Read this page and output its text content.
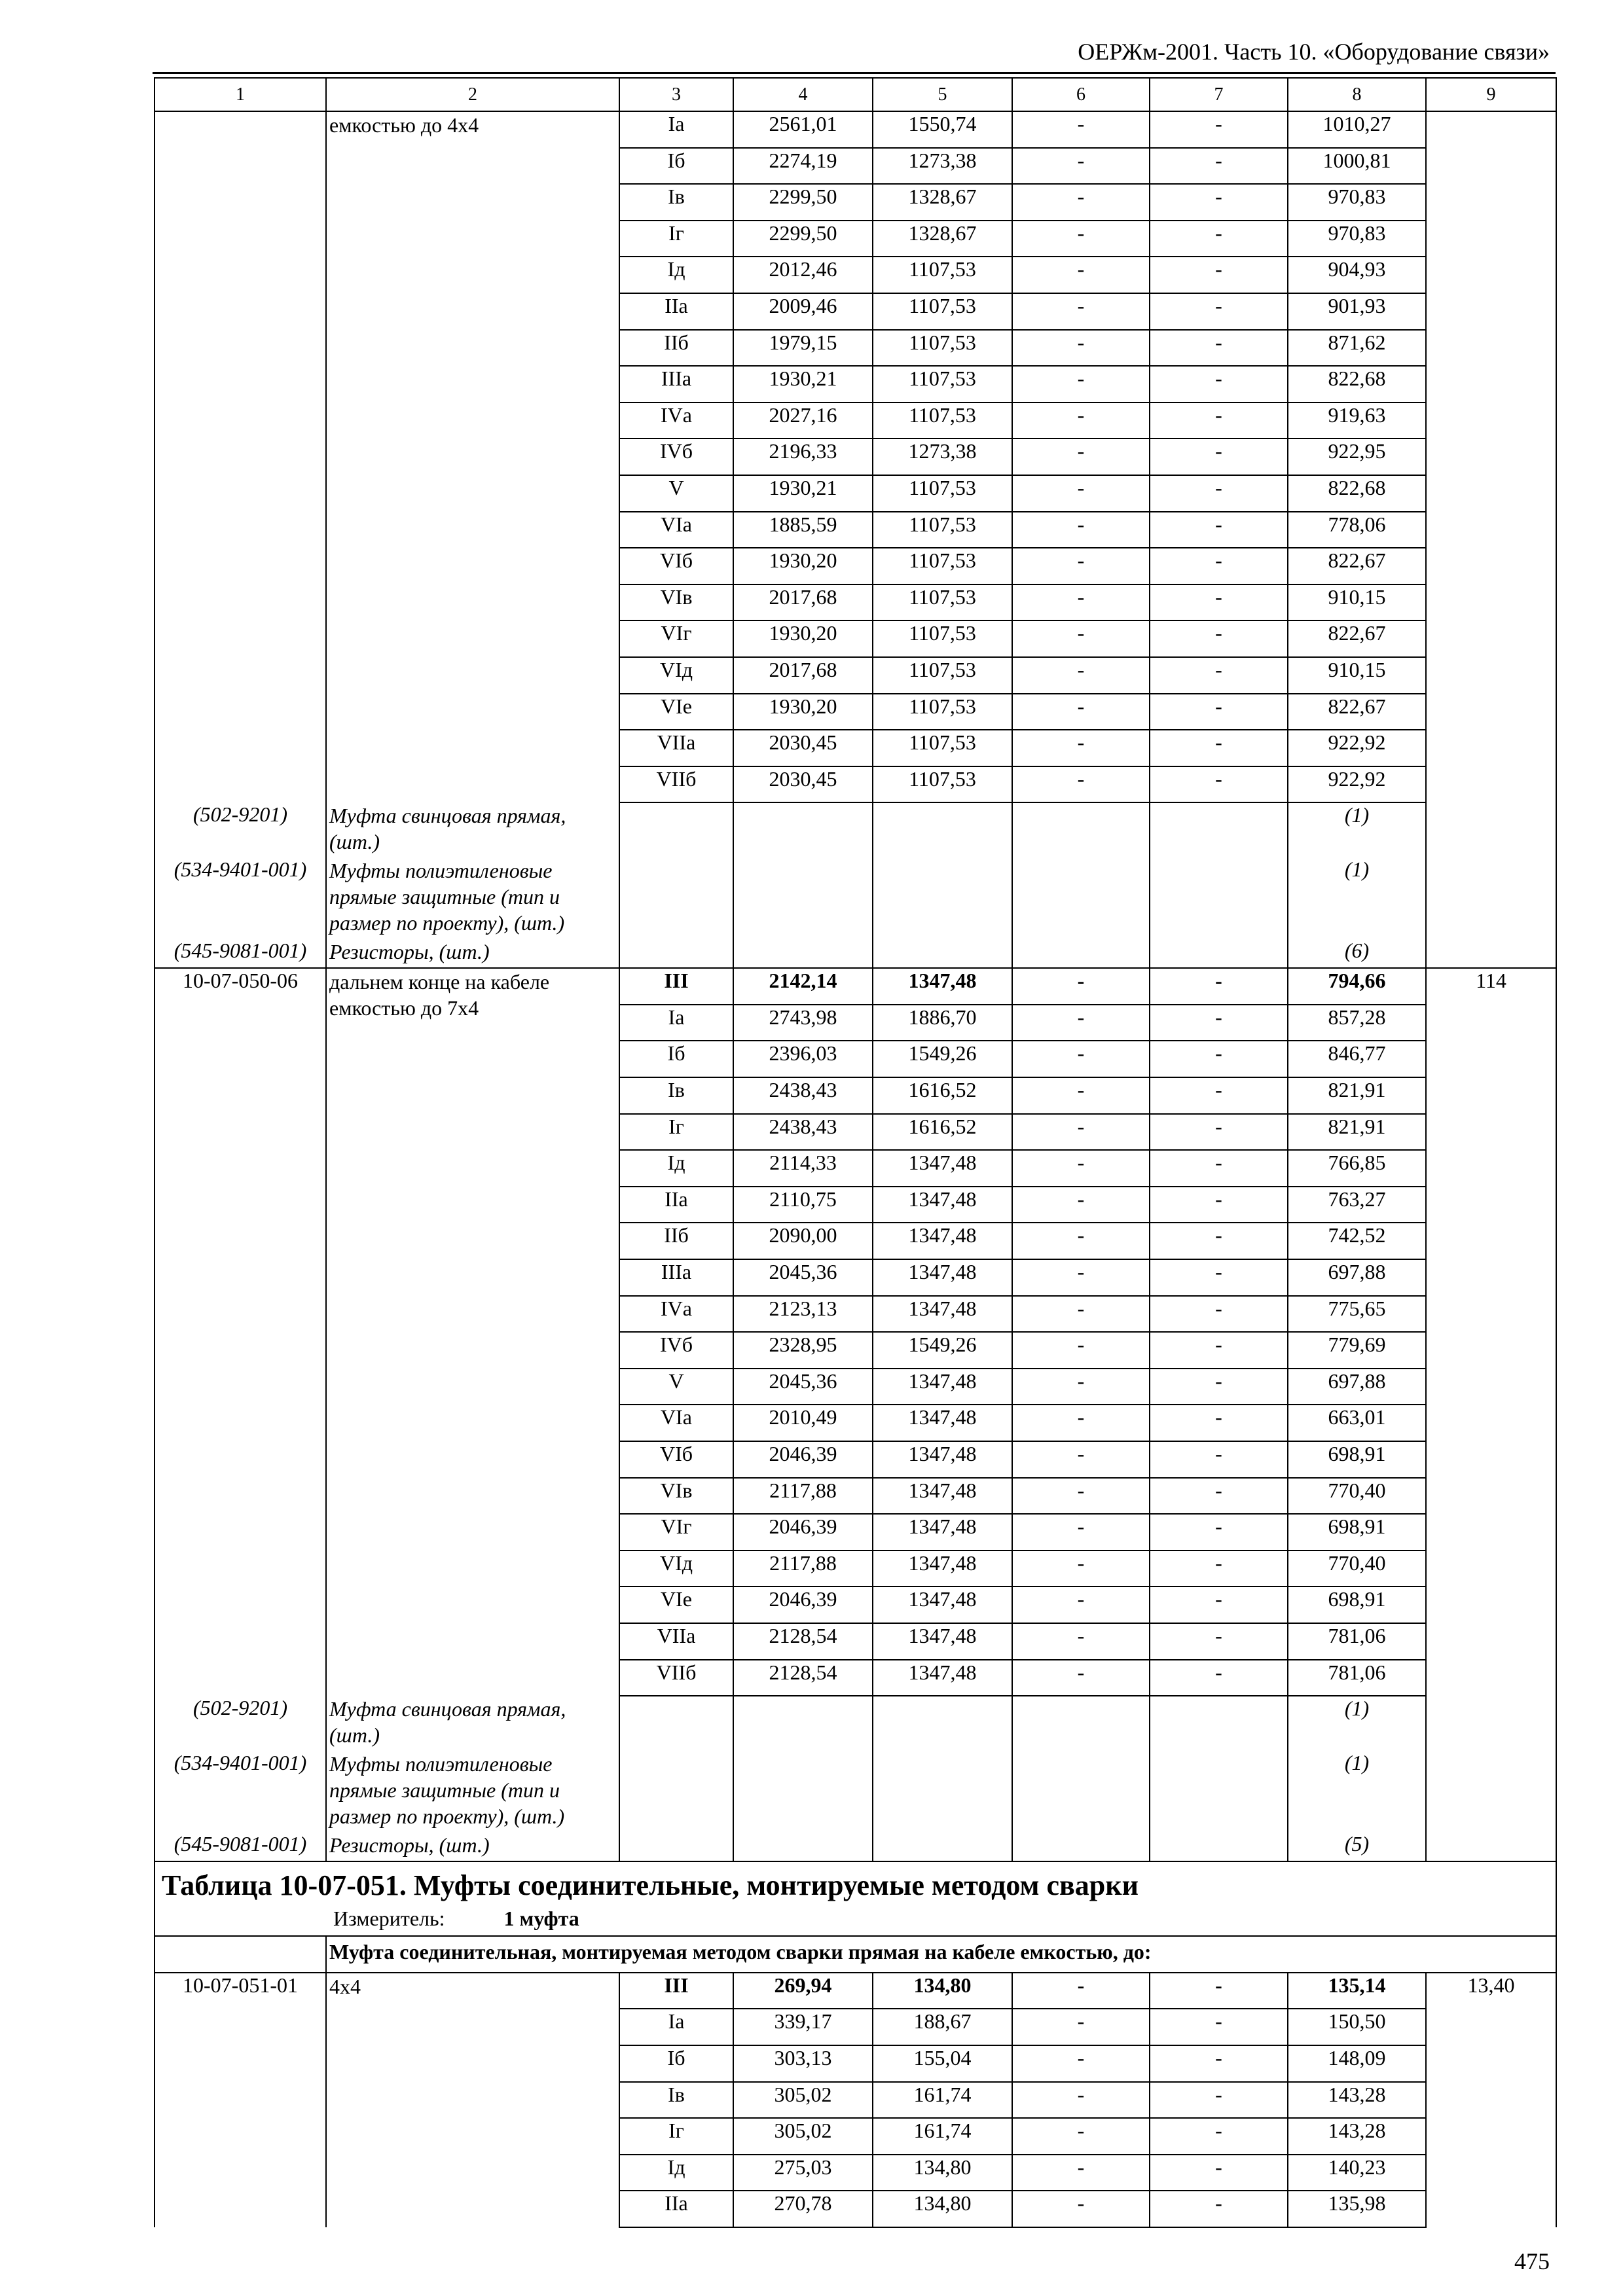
ОЕРЖм-2001. Часть 10. «Оборудование связи»
1	2	3	4	5	6	7	8	9
	емкостью до 4х4	Iа	2561,01	1550,74	-	-	1010,27	
		Iб	2274,19	1273,38	-	-	1000,81	
		Iв	2299,50	1328,67	-	-	970,83	
		Iг	2299,50	1328,67	-	-	970,83	
		Iд	2012,46	1107,53	-	-	904,93	
		IIа	2009,46	1107,53	-	-	901,93	
		IIб	1979,15	1107,53	-	-	871,62	
		IIIа	1930,21	1107,53	-	-	822,68	
		IVа	2027,16	1107,53	-	-	919,63	
		IVб	2196,33	1273,38	-	-	922,95	
		V	1930,21	1107,53	-	-	822,68	
		VIа	1885,59	1107,53	-	-	778,06	
		VIб	1930,20	1107,53	-	-	822,67	
		VIв	2017,68	1107,53	-	-	910,15	
		VIг	1930,20	1107,53	-	-	822,67	
		VIд	2017,68	1107,53	-	-	910,15	
		VIе	1930,20	1107,53	-	-	822,67	
		VIIа	2030,45	1107,53	-	-	922,92	
		VIIб	2030,45	1107,53	-	-	922,92	
(502-9201)	Муфта свинцовая прямая, (шт.)						(1)	
(534-9401-001)	Муфты полиэтиленовые прямые защитные (тип и размер по проекту), (шт.)						(1)	
(545-9081-001)	Резисторы, (шт.)						(6)	
10-07-050-06	дальнем конце на кабеле емкостью до 7х4	III	2142,14	1347,48	-	-	794,66	114
		Iа	2743,98	1886,70	-	-	857,28	
		Iб	2396,03	1549,26	-	-	846,77	
		Iв	2438,43	1616,52	-	-	821,91	
		Iг	2438,43	1616,52	-	-	821,91	
		Iд	2114,33	1347,48	-	-	766,85	
		IIа	2110,75	1347,48	-	-	763,27	
		IIб	2090,00	1347,48	-	-	742,52	
		IIIа	2045,36	1347,48	-	-	697,88	
		IVа	2123,13	1347,48	-	-	775,65	
		IVб	2328,95	1549,26	-	-	779,69	
		V	2045,36	1347,48	-	-	697,88	
		VIа	2010,49	1347,48	-	-	663,01	
		VIб	2046,39	1347,48	-	-	698,91	
		VIв	2117,88	1347,48	-	-	770,40	
		VIг	2046,39	1347,48	-	-	698,91	
		VIд	2117,88	1347,48	-	-	770,40	
		VIе	2046,39	1347,48	-	-	698,91	
		VIIа	2128,54	1347,48	-	-	781,06	
		VIIб	2128,54	1347,48	-	-	781,06	
(502-9201)	Муфта свинцовая прямая, (шт.)						(1)	
(534-9401-001)	Муфты полиэтиленовые прямые защитные (тип и размер по проекту), (шт.)						(1)	
(545-9081-001)	Резисторы, (шт.)						(5)	

Таблица 10-07-051. Муфты соединительные, монтируемые методом сварки
Измеритель: 1 муфта								

	Муфта соединительная, монтируемая методом сварки прямая на кабеле емкостью, до:							
10-07-051-01	4х4	III	269,94	134,80	-	-	135,14	13,40
		Iа	339,17	188,67	-	-	150,50	
		Iб	303,13	155,04	-	-	148,09	
		Iв	305,02	161,74	-	-	143,28	
		Iг	305,02	161,74	-	-	143,28	
		Iд	275,03	134,80	-	-	140,23	
		IIа	270,78	134,80	-	-	135,98	
475
